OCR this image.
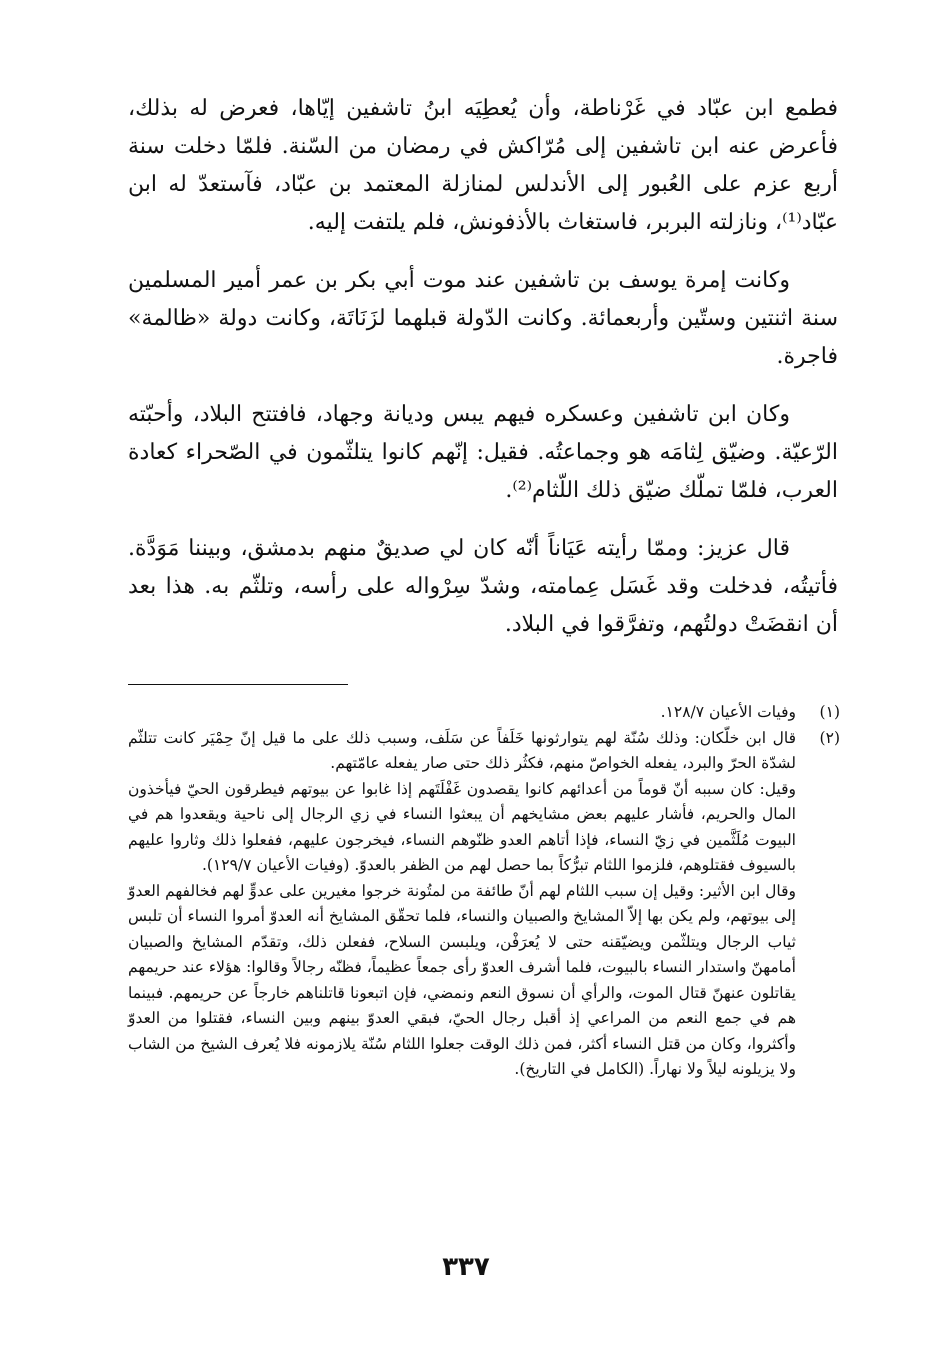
فطمع ابن عبّاد في غَرْناطة، وأن يُعطِيَه ابنُ تاشفين إيّاها، فعرض له بذلك، فأعرض عنه ابن تاشفين إلى مُرّاكش في رمضان من السّنة. فلمّا دخلت سنة أربع عزم على العُبور إلى الأندلس لمنازلة المعتمد بن عبّاد، فآستعدّ له ابن عبّاد⁽¹⁾، ونازلته البربر، فاستغاث بالأذفونش، فلم يلتفت إليه.

وكانت إمرة يوسف بن تاشفين عند موت أبي بكر بن عمر أمير المسلمين سنة اثنتين وستّين وأربعمائة. وكانت الدّولة قبلهما لزَنَاتَة، وكانت دولة «ظالمة» فاجرة.

وكان ابن تاشفين وعسكره فيهم يبس وديانة وجهاد، فافتتح البلاد، وأحبّته الرّعيّة. وضيّق لِثامَه هو وجماعتُه. فقيل: إنّهم كانوا يتلثّمون في الصّحراء كعادة العرب، فلمّا تملّك ضيّق ذلك اللّثام⁽²⁾.

قال عزيز: وممّا رأيته عَيَاناً أنّه كان لي صديقٌ منهم بدمشق، وبيننا مَوَدَّة. فأتيتُه، فدخلت وقد غَسَل عِمامته، وشدّ سِرْواله على رأسه، وتلثّم به. هذا بعد أن انقضَتْ دولتُهم، وتفرَّقوا في البلاد.

(١)

وفيات الأعيان ١٢٨/٧.

(٢)

قال ابن خلّكان: وذلك سُنّة لهم يتوارثونها خَلَفاً عن سَلَف، وسبب ذلك على ما قيل إنّ حِمْيَر كانت تتلثّم لشدّة الحرّ والبرد، يفعله الخواصّ منهم، فكثُر ذلك حتى صار يفعله عامّتهم.

وقيل: كان سببه أنّ قوماً من أعدائهم كانوا يقصدون غَفْلَتَهم إذا غابوا عن بيوتهم فيطرقون الحيّ فيأخذون المال والحريم، فأشار عليهم بعض مشايخهم أن يبعثوا النساء في زي الرجال إلى ناحية ويقعدوا هم في البيوت مُلَثَّمين في زيّ النساء، فإذا أتاهم العدو ظنّوهم النساء، فيخرجون عليهم، ففعلوا ذلك وثاروا عليهم بالسيوف فقتلوهم، فلزموا اللثام تبرُّكاً بما حصل لهم من الظفر بالعدوّ. (وفيات الأعيان ١٢٩/٧).

وقال ابن الأثير: وقيل إن سبب اللثام لهم أنّ طائفة من لمتُونة خرجوا مغيرين على عدوٍّ لهم فخالفهم العدوّ إلى بيوتهم، ولم يكن بها إلاّ المشايخ والصبيان والنساء، فلما تحقّق المشايخ أنه العدوّ أمروا النساء أن تلبس ثياب الرجال ويتلثّمن ويضيّقنه حتى لا يُعرَفْن، ويلبسن السلاح، ففعلن ذلك، وتقدّم المشايخ والصبيان أمامهنّ واستدار النساء بالبيوت، فلما أشرف العدوّ رأى جمعاً عظيماً، فظنّه رجالاً وقالوا: هؤلاء عند حريمهم يقاتلون عنهنّ قتال الموت، والرأي أن نسوق النعم ونمضي، فإن اتبعونا قاتلناهم خارجاً عن حريمهم. فبينما هم في جمع النعم من المراعي إذ أقبل رجال الحيّ، فبقي العدوّ بينهم وبين النساء، فقتلوا من العدوّ وأكثروا، وكان من قتل النساء أكثر، فمن ذلك الوقت جعلوا اللثام سُنّة يلازمونه فلا يُعرف الشيخ من الشاب ولا يزيلونه ليلاً ولا نهاراً. (الكامل في التاريخ).

٣٣٧
